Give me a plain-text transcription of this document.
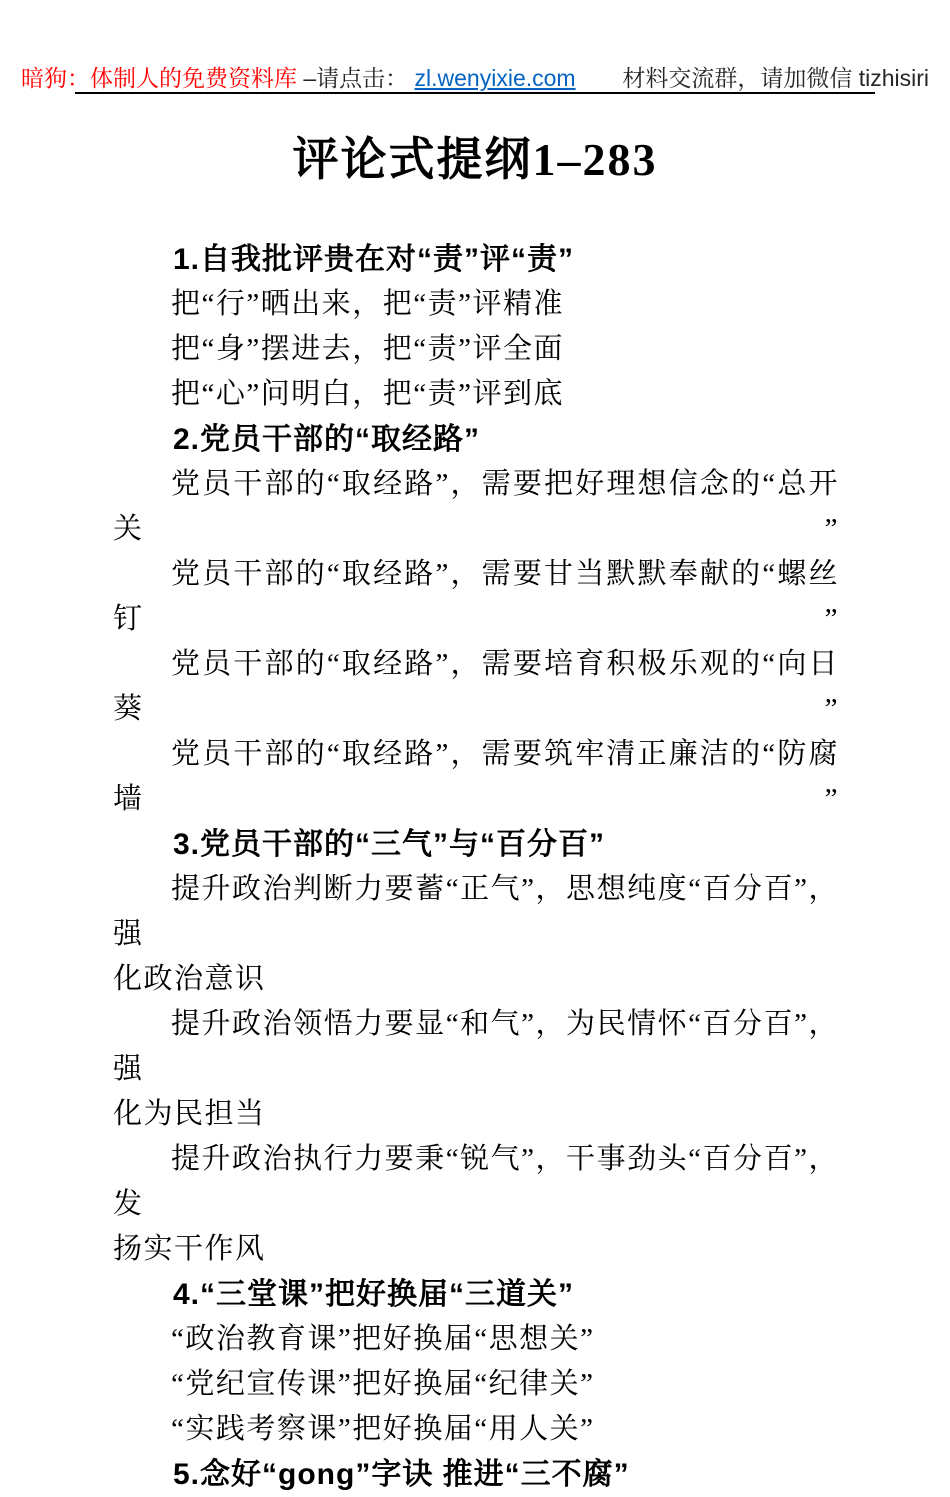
暗狗：体制人的免费资料库 –请点击： zl.wenyixie.com 材料交流群，请加微信 tizhisiri
评论式提纲1–283
1.自我批评贵在对“责”评“责”
把“行”晒出来，把“责”评精准
把“身”摆进去，把“责”评全面
把“心”问明白，把“责”评到底
2.党员干部的“取经路”
党员干部的“取经路”，需要把好理想信念的“总开关”
党员干部的“取经路”，需要甘当默默奉献的“螺丝钉”
党员干部的“取经路”，需要培育积极乐观的“向日葵”
党员干部的“取经路”，需要筑牢清正廉洁的“防腐墙”
3.党员干部的“三气”与“百分百”
提升政治判断力要蓄“正气”，思想纯度“百分百”，强
化政治意识
提升政治领悟力要显“和气”，为民情怀“百分百”，强
化为民担当
提升政治执行力要秉“锐气”，干事劲头“百分百”，发
扬实干作风
4.“三堂课”把好换届“三道关”
“政治教育课”把好换届“思想关”
“党纪宣传课”把好换届“纪律关”
“实践考察课”把好换届“用人关”
5.念好“gong”字诀 推进“三不腐”
